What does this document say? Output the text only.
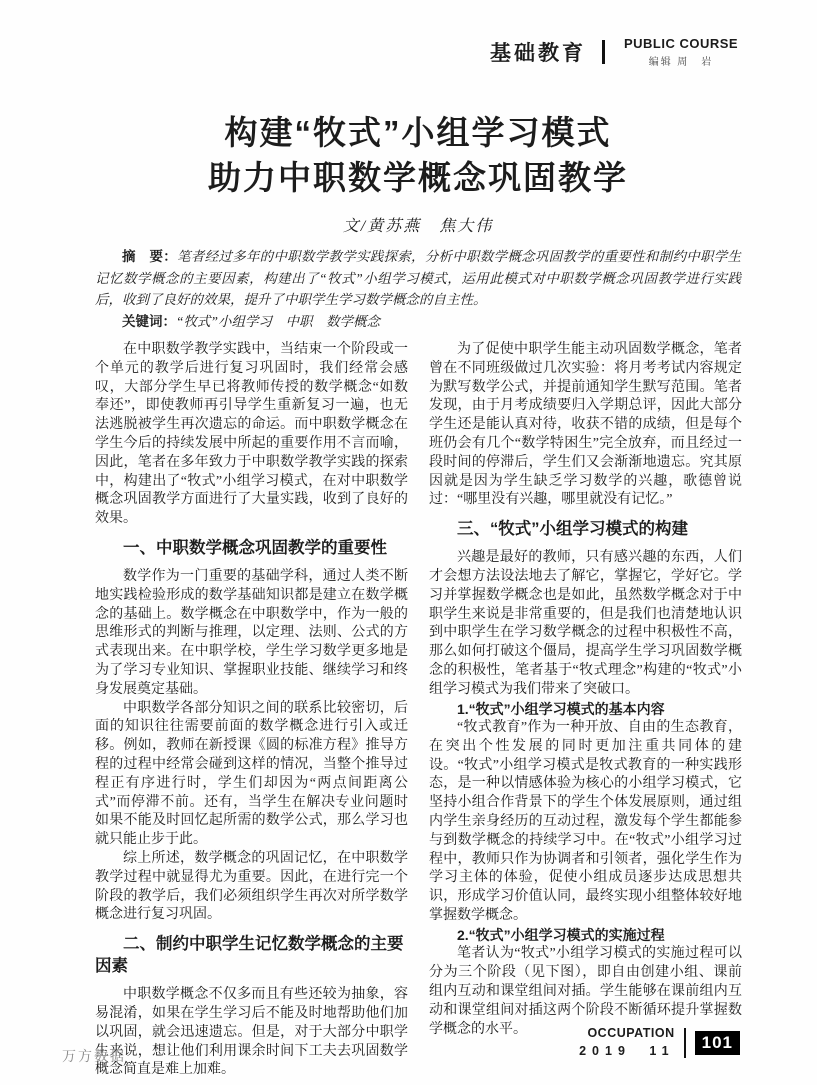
基础教育	PUBLIC COURSE
编辑 周　岩
构建“牧式”小组学习模式
助力中职数学概念巩固教学
文/黄苏燕　焦大伟

摘　要：笔者经过多年的中职数学教学实践探索，分析中职数学概念巩固教学的重要性和制约中职学生记忆数学概念的主要因素，构建出了“牧式”小组学习模式，运用此模式对中职数学概念巩固教学进行实践后，收到了良好的效果，提升了中职学生学习数学概念的自主性。

关键词：“牧式”小组学习　中职　数学概念

在中职数学教学实践中，当结束一个阶段或一个单元的教学后进行复习巩固时，我们经常会感叹，大部分学生早已将教师传授的数学概念“如数奉还”，即使教师再引导学生重新复习一遍，也无法逃脱被学生再次遗忘的命运。而中职数学概念在学生今后的持续发展中所起的重要作用不言而喻，因此，笔者在多年致力于中职数学教学实践的探索中，构建出了“牧式”小组学习模式，在对中职数学概念巩固教学方面进行了大量实践，收到了良好的效果。

一、中职数学概念巩固教学的重要性

数学作为一门重要的基础学科，通过人类不断地实践检验形成的数学基础知识都是建立在数学概念的基础上。数学概念在中职数学中，作为一般的思维形式的判断与推理，以定理、法则、公式的方式表现出来。在中职学校，学生学习数学更多地是为了学习专业知识、掌握职业技能、继续学习和终身发展奠定基础。

中职数学各部分知识之间的联系比较密切，后面的知识往往需要前面的数学概念进行引入或迁移。例如，教师在新授课《圆的标准方程》推导方程的过程中经常会碰到这样的情况，当整个推导过程正有序进行时，学生们却因为“两点间距离公式”而停滞不前。还有，当学生在解决专业问题时如果不能及时回忆起所需的数学公式，那么学习也就只能止步于此。

综上所述，数学概念的巩固记忆，在中职数学教学过程中就显得尤为重要。因此，在进行完一个阶段的教学后，我们必须组织学生再次对所学数学概念进行复习巩固。

二、制约中职学生记忆数学概念的主要因素

中职数学概念不仅多而且有些还较为抽象，容易混淆，如果在学生学习后不能及时地帮助他们加以巩固，就会迅速遗忘。但是，对于大部分中职学生来说，想让他们利用课余时间下工夫去巩固数学概念简直是难上加难。

为了促使中职学生能主动巩固数学概念，笔者曾在不同班级做过几次实验：将月考考试内容规定为默写数学公式，并提前通知学生默写范围。笔者发现，由于月考成绩要归入学期总评，因此大部分学生还是能认真对待，收获不错的成绩，但是每个班仍会有几个“数学特困生”完全放弃，而且经过一段时间的停滞后，学生们又会渐渐地遗忘。究其原因就是因为学生缺乏学习数学的兴趣，歌德曾说过：“哪里没有兴趣，哪里就没有记忆。”

三、“牧式”小组学习模式的构建

兴趣是最好的教师，只有感兴趣的东西，人们才会想方法设法地去了解它，掌握它，学好它。学习并掌握数学概念也是如此，虽然数学概念对于中职学生来说是非常重要的，但是我们也清楚地认识到中职学生在学习数学概念的过程中积极性不高，那么如何打破这个僵局，提高学生学习巩固数学概念的积极性，笔者基于“牧式理念”构建的“牧式”小组学习模式为我们带来了突破口。

1.“牧式”小组学习模式的基本内容

“牧式教育”作为一种开放、自由的生态教育，在突出个性发展的同时更加注重共同体的建设。“牧式”小组学习模式是牧式教育的一种实践形态，是一种以情感体验为核心的小组学习模式，它坚持小组合作背景下的学生个体发展原则，通过组内学生亲身经历的互动过程，激发每个学生都能参与到数学概念的持续学习中。在“牧式”小组学习过程中，教师只作为协调者和引领者，强化学生作为学习主体的体验，促使小组成员逐步达成思想共识，形成学习价值认同，最终实现小组整体较好地掌握数学概念。

2.“牧式”小组学习模式的实施过程

笔者认为“牧式”小组学习模式的实施过程可以分为三个阶段（见下图），即自由创建小组、课前组内互动和课堂组间对插。学生能够在课前组内互动和课堂组间对插这两个阶段不断循环提升掌握数学概念的水平。	OCCUPATION
2019　11	101
万方数据
